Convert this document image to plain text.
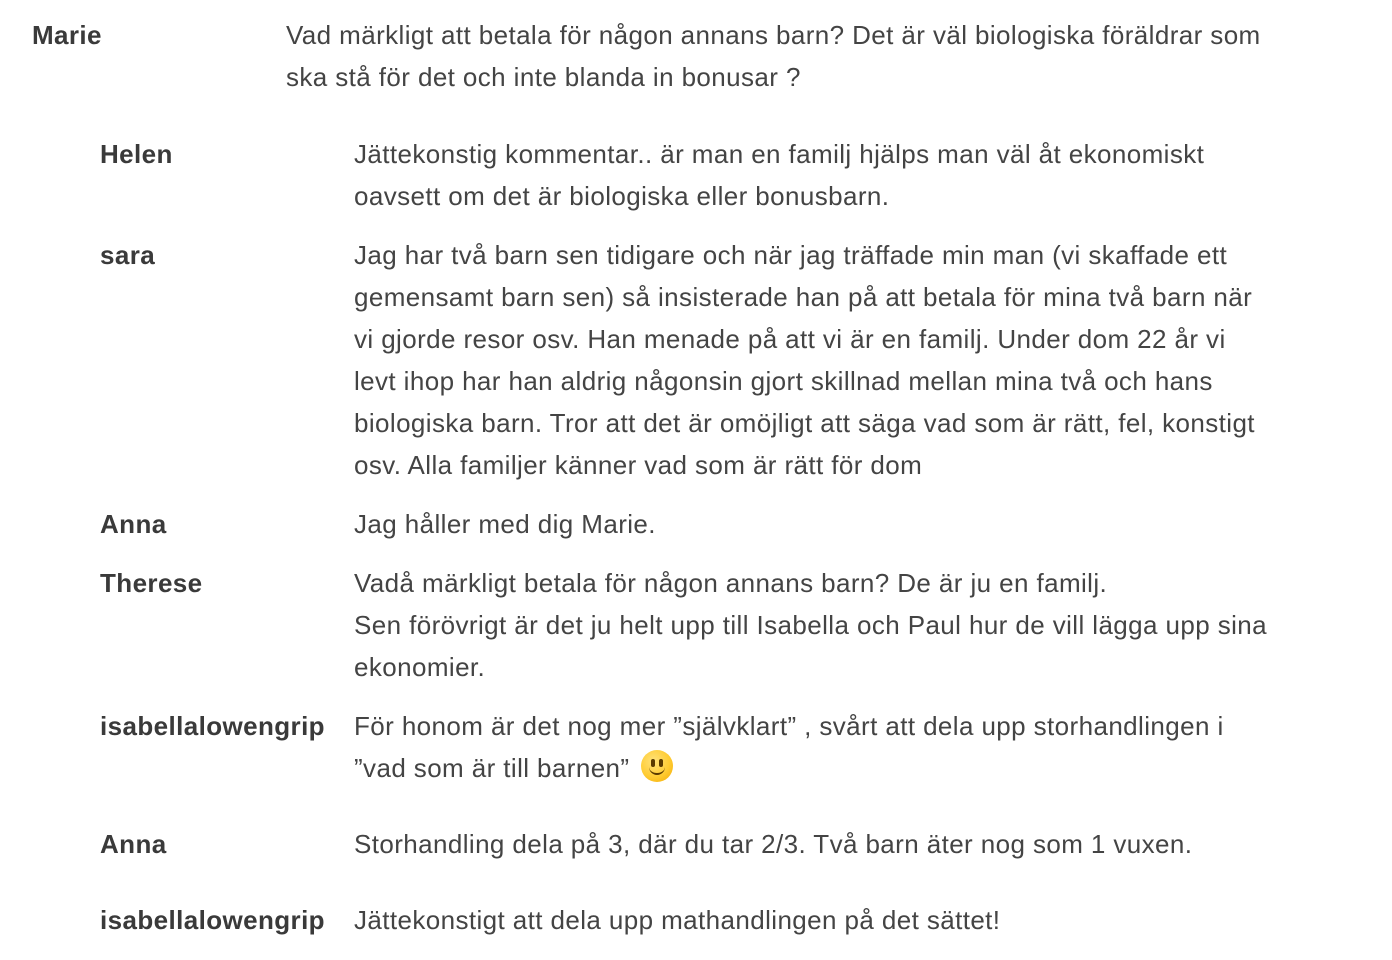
Marie	Vad märkligt att betala för någon annans barn? Det är väl biologiska föräldrar som
ska stå för det och inte blanda in bonusar ?
Helen	Jättekonstig kommentar.. är man en familj hjälps man väl åt ekonomiskt
oavsett om det är biologiska eller bonusbarn.
sara	Jag har två barn sen tidigare och när jag träffade min man (vi skaffade ett
gemensamt barn sen) så insisterade han på att betala för mina två barn när
vi gjorde resor osv. Han menade på att vi är en familj. Under dom 22 år vi
levt ihop har han aldrig någonsin gjort skillnad mellan mina två och hans
biologiska barn. Tror att det är omöjligt att säga vad som är rätt, fel, konstigt
osv. Alla familjer känner vad som är rätt för dom
Anna	Jag håller med dig Marie.
Therese	Vadå märkligt betala för någon annans barn? De är ju en familj.
Sen förövrigt är det ju helt upp till Isabella och Paul hur de vill lägga upp sina
ekonomier.
isabellalowengrip	För honom är det nog mer ”självklart” , svårt att dela upp storhandlingen i
”vad som är till barnen”
Anna	Storhandling dela på 3, där du tar 2/3. Två barn äter nog som 1 vuxen.
isabellalowengrip	Jättekonstigt att dela upp mathandlingen på det sättet!
